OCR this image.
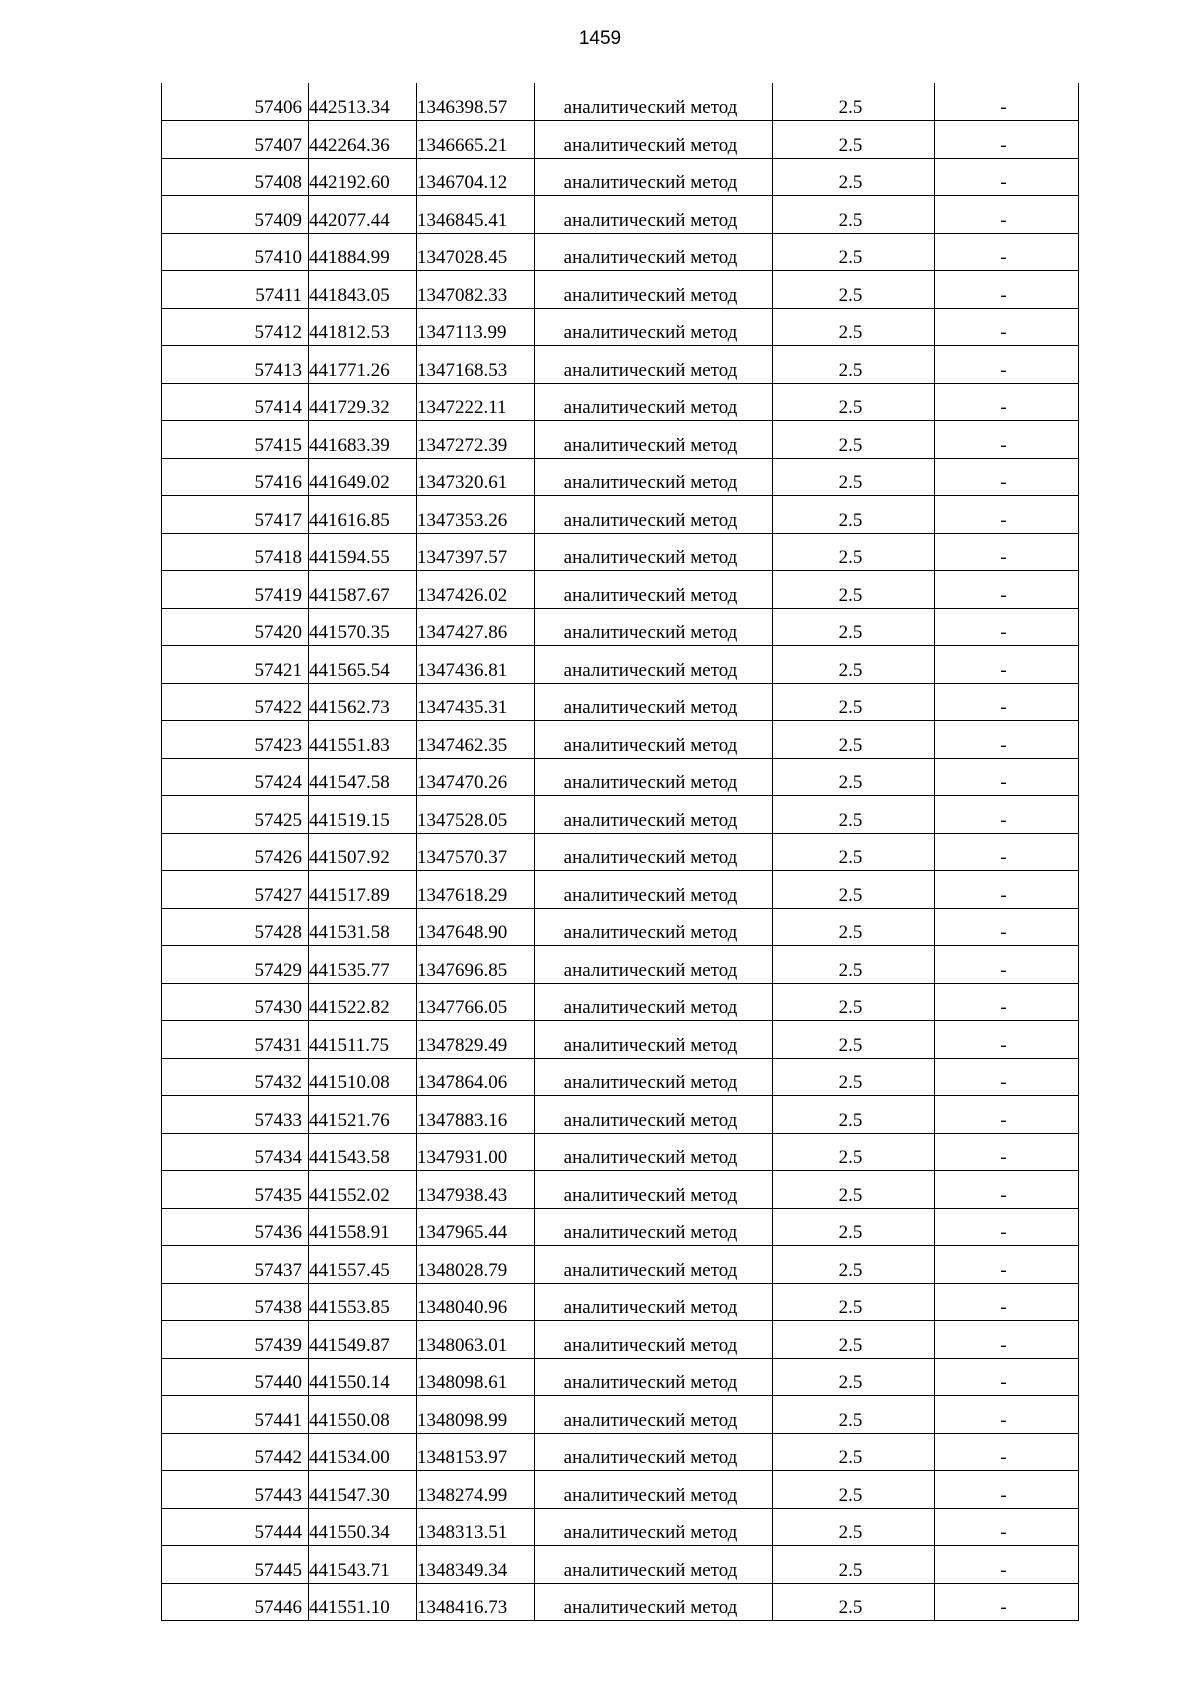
1459
57406	442513.34	1346398.57	аналитический метод	2.5	-
57407	442264.36	1346665.21	аналитический метод	2.5	-
57408	442192.60	1346704.12	аналитический метод	2.5	-
57409	442077.44	1346845.41	аналитический метод	2.5	-
57410	441884.99	1347028.45	аналитический метод	2.5	-
57411	441843.05	1347082.33	аналитический метод	2.5	-
57412	441812.53	1347113.99	аналитический метод	2.5	-
57413	441771.26	1347168.53	аналитический метод	2.5	-
57414	441729.32	1347222.11	аналитический метод	2.5	-
57415	441683.39	1347272.39	аналитический метод	2.5	-
57416	441649.02	1347320.61	аналитический метод	2.5	-
57417	441616.85	1347353.26	аналитический метод	2.5	-
57418	441594.55	1347397.57	аналитический метод	2.5	-
57419	441587.67	1347426.02	аналитический метод	2.5	-
57420	441570.35	1347427.86	аналитический метод	2.5	-
57421	441565.54	1347436.81	аналитический метод	2.5	-
57422	441562.73	1347435.31	аналитический метод	2.5	-
57423	441551.83	1347462.35	аналитический метод	2.5	-
57424	441547.58	1347470.26	аналитический метод	2.5	-
57425	441519.15	1347528.05	аналитический метод	2.5	-
57426	441507.92	1347570.37	аналитический метод	2.5	-
57427	441517.89	1347618.29	аналитический метод	2.5	-
57428	441531.58	1347648.90	аналитический метод	2.5	-
57429	441535.77	1347696.85	аналитический метод	2.5	-
57430	441522.82	1347766.05	аналитический метод	2.5	-
57431	441511.75	1347829.49	аналитический метод	2.5	-
57432	441510.08	1347864.06	аналитический метод	2.5	-
57433	441521.76	1347883.16	аналитический метод	2.5	-
57434	441543.58	1347931.00	аналитический метод	2.5	-
57435	441552.02	1347938.43	аналитический метод	2.5	-
57436	441558.91	1347965.44	аналитический метод	2.5	-
57437	441557.45	1348028.79	аналитический метод	2.5	-
57438	441553.85	1348040.96	аналитический метод	2.5	-
57439	441549.87	1348063.01	аналитический метод	2.5	-
57440	441550.14	1348098.61	аналитический метод	2.5	-
57441	441550.08	1348098.99	аналитический метод	2.5	-
57442	441534.00	1348153.97	аналитический метод	2.5	-
57443	441547.30	1348274.99	аналитический метод	2.5	-
57444	441550.34	1348313.51	аналитический метод	2.5	-
57445	441543.71	1348349.34	аналитический метод	2.5	-
57446	441551.10	1348416.73	аналитический метод	2.5	-
